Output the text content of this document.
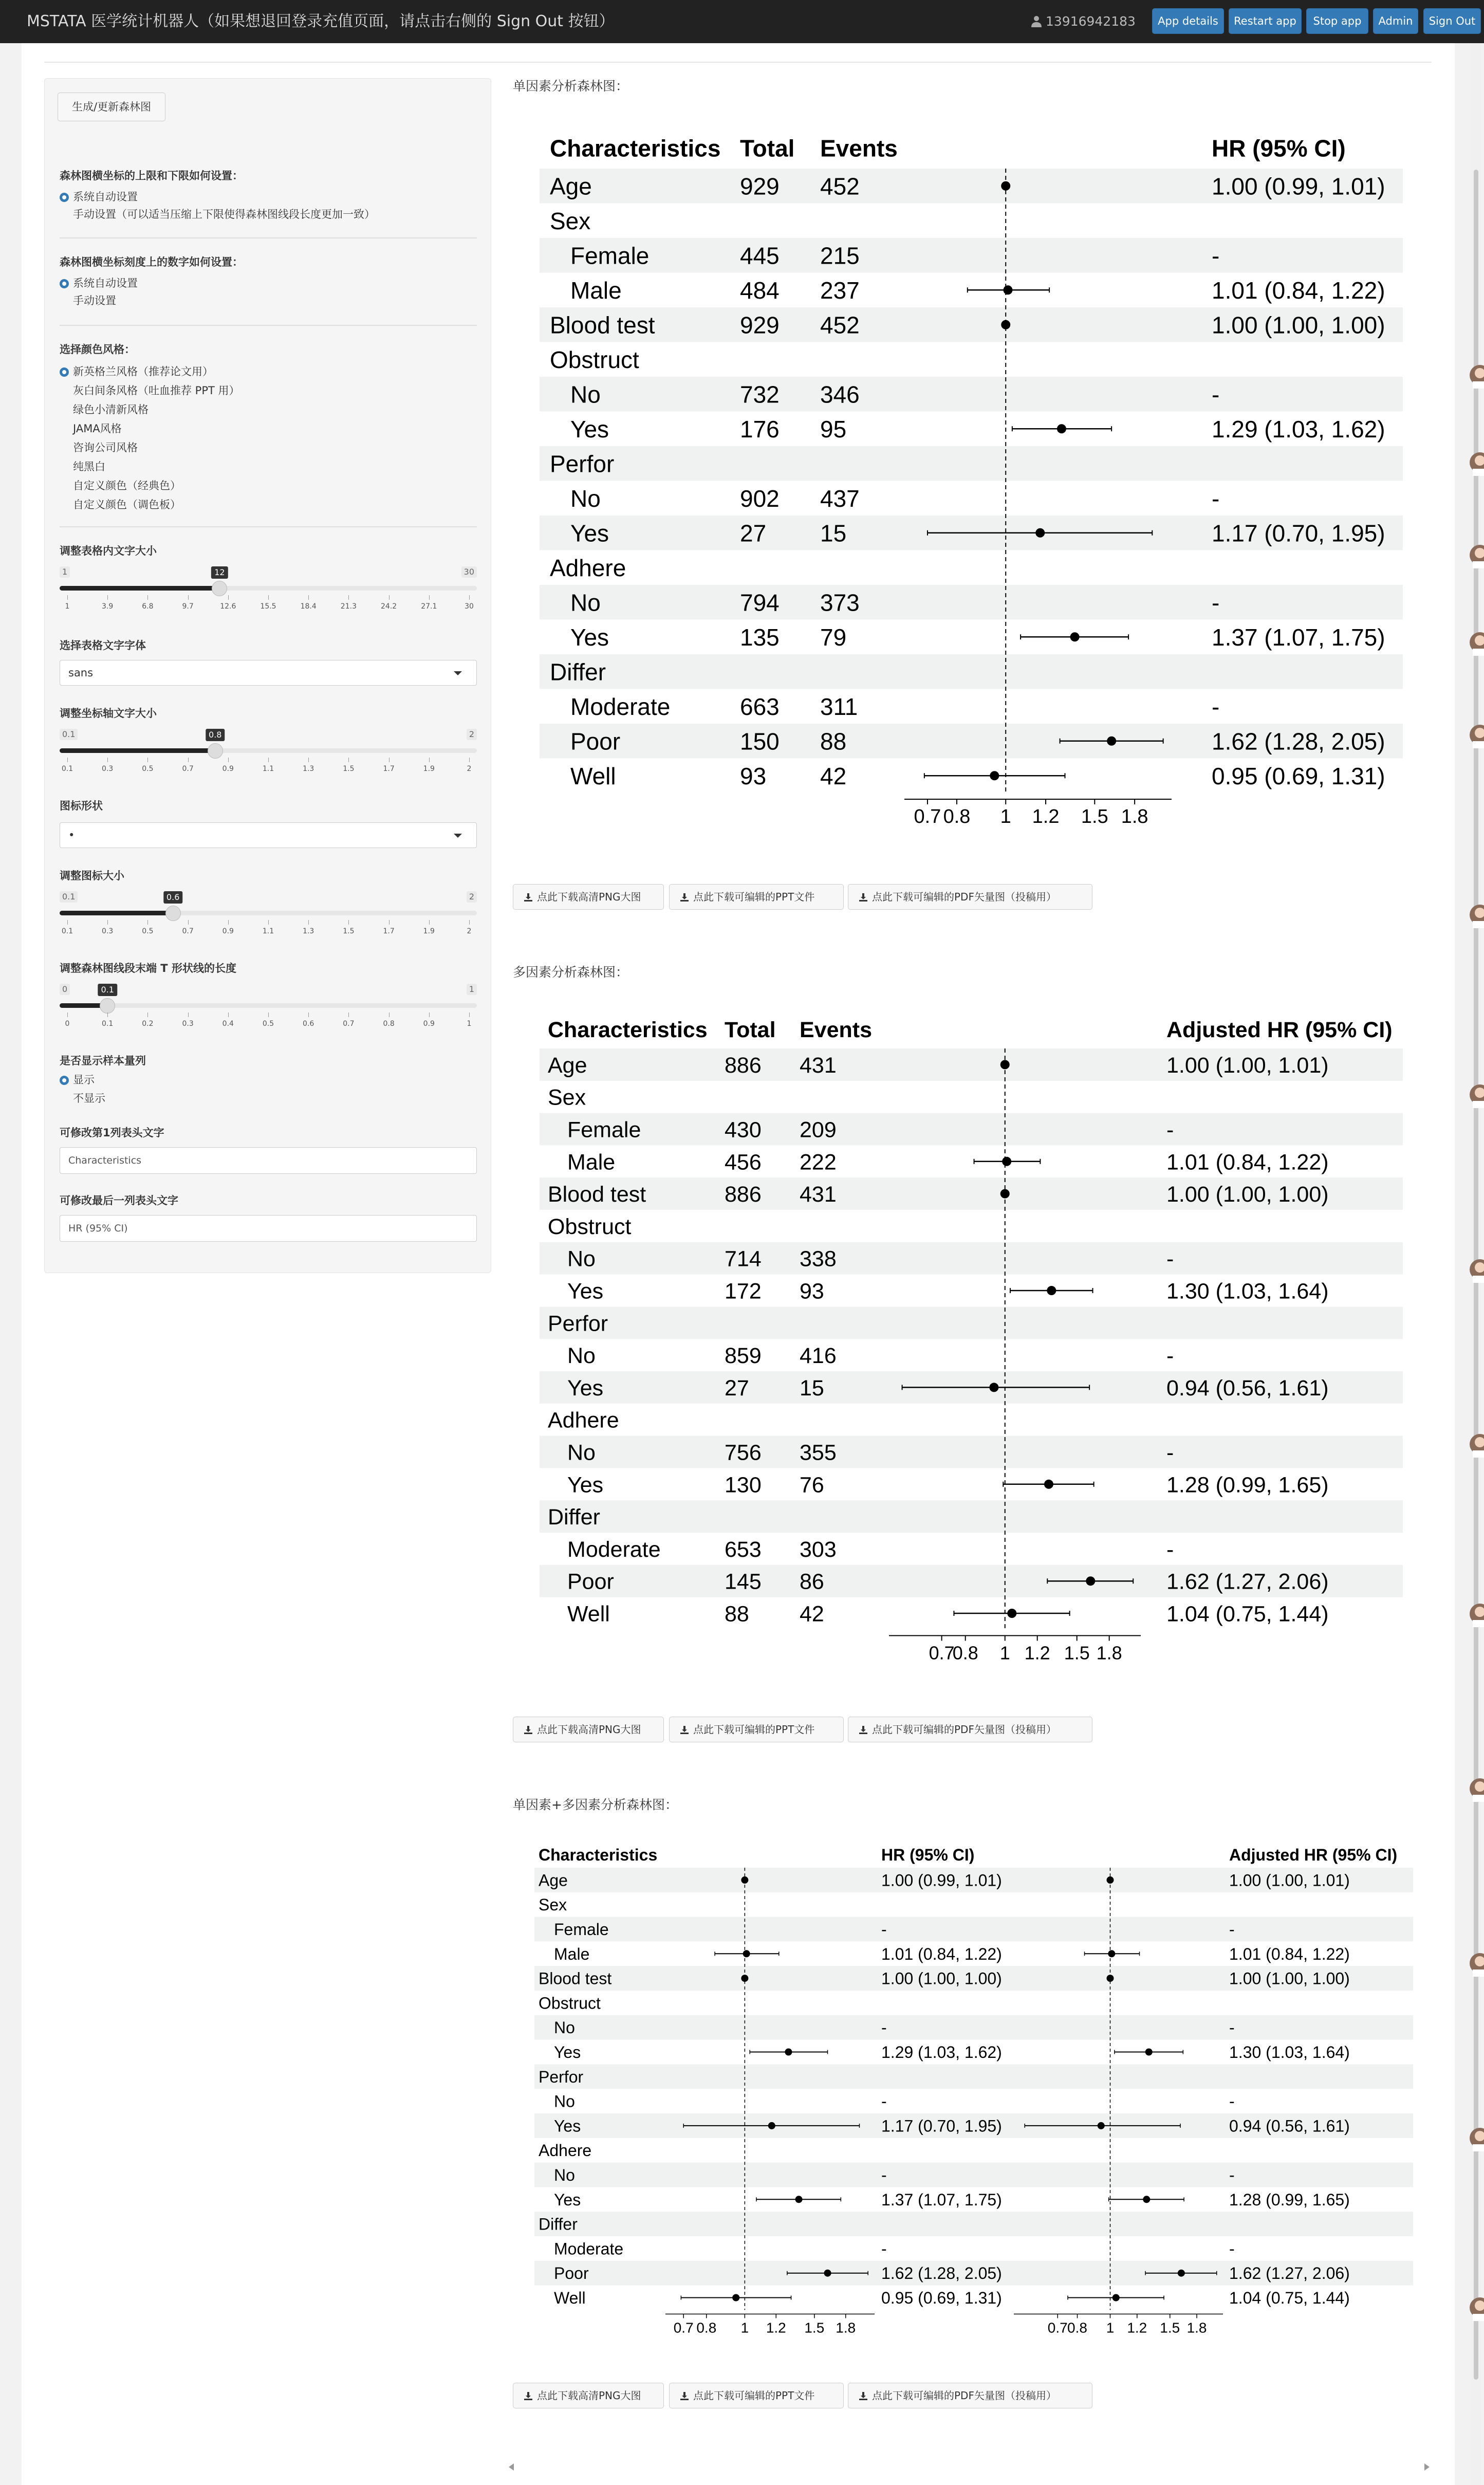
MSTATA 医学统计机器人（如果想退回登录充值页面，请点击右侧的 Sign Out 按钮）	13916942183	App details	Restart app	Stop app	Admin	Sign Out
生成/更新森林图
森林图横坐标的上限和下限如何设置：
系统自动设置
手动设置（可以适当压缩上下限使得森林图线段长度更加一致）
森林图横坐标刻度上的数字如何设置：
系统自动设置
手动设置
选择颜色风格：
新英格兰风格（推荐论文用）
灰白间条风格（吐血推荐 PPT 用）
绿色小清新风格
JAMA风格
咨询公司风格
纯黑白
自定义颜色（经典色）
自定义颜色（调色板）
调整表格内文字大小
1	30
12
1	3.9	6.8	9.7	12.6	15.5	18.4	21.3	24.2	27.1	30
选择表格文字字体
sans
调整坐标轴文字大小
0.1	2
0.8
0.1	0.3	0.5	0.7	0.9	1.1	1.3	1.5	1.7	1.9	2
图标形状
•
调整图标大小
0.1	2
0.6
0.1	0.3	0.5	0.7	0.9	1.1	1.3	1.5	1.7	1.9	2
调整森林图线段末端 T 形状线的长度
0	1
0.1
0	0.1	0.2	0.3	0.4	0.5	0.6	0.7	0.8	0.9	1
是否显示样本量列
显示
不显示
可修改第1列表头文字
Characteristics
可修改最后一列表头文字
HR (95% CI)
单因素分析森林图：
多因素分析森林图：
单因素+多因素分析森林图：
Characteristics Total Events	HR (95% CI)
Age	929 452	1.00 (0.99, 1.01)
Sex
Female	445 215	-
Male	484 237	1.01 (0.84, 1.22)
Blood test	929 452	1.00 (1.00, 1.00)
Obstruct
No	732 346	-
Yes	176 95	1.29 (1.03, 1.62)
Perfor
No	902 437	-
Yes	27 15	1.17 (0.70, 1.95)
Adhere
No	794 373	-
Yes	135 79	1.37 (1.07, 1.75)
Differ
Moderate	663 311	-
Poor	150 88	1.62 (1.28, 2.05)
Well	93 42	0.95 (0.69, 1.31)
0.7 0.8 1 1.2 1.5 1.8
Characteristics Total Events	Adjusted HR (95% CI)
Age	886 431	1.00 (1.00, 1.01)
Sex
Female	430 209	-
Male	456 222	1.01 (0.84, 1.22)
Blood test	886 431	1.00 (1.00, 1.00)
Obstruct
No	714 338	-
Yes	172 93	1.30 (1.03, 1.64)
Perfor
No	859 416	-
Yes	27 15	0.94 (0.56, 1.61)
Adhere
No	756 355	-
Yes	130 76	1.28 (0.99, 1.65)
Differ
Moderate	653 303	-
Poor	145 86	1.62 (1.27, 2.06)
Well	88 42	1.04 (0.75, 1.44)
0.7
0.8 1 1.2 1.5 1.8
Characteristics	HR (95% CI)	Adjusted HR (95% CI)
Age	1.00 (0.99, 1.01)	1.00 (1.00, 1.01)
Sex
Female	-	-
Male	1.01 (0.84, 1.22)	1.01 (0.84, 1.22)
Blood test	1.00 (1.00, 1.00)	1.00 (1.00, 1.00)
Obstruct
No	-	-
Yes	1.29 (1.03, 1.62)	1.30 (1.03, 1.64)
Perfor
No	-	-
Yes	1.17 (0.70, 1.95)	0.94 (0.56, 1.61)
Adhere
No	-	-
Yes	1.37 (1.07, 1.75)	1.28 (0.99, 1.65)
Differ
Moderate	-	-
Poor	1.62 (1.28, 2.05)	1.62 (1.27, 2.06)
Well	0.95 (0.69, 1.31)	1.04 (0.75, 1.44)
0.7 0.8 1 1.2 1.5 1.8	0.7 0.8 1 1.2 1.5 1.8
点此下载高清PNG大图	点此下载可编辑的PPT文件	点此下载可编辑的PDF矢量图（投稿用）
点此下载高清PNG大图	点此下载可编辑的PPT文件	点此下载可编辑的PDF矢量图（投稿用）
点此下载高清PNG大图	点此下载可编辑的PPT文件	点此下载可编辑的PDF矢量图（投稿用）
